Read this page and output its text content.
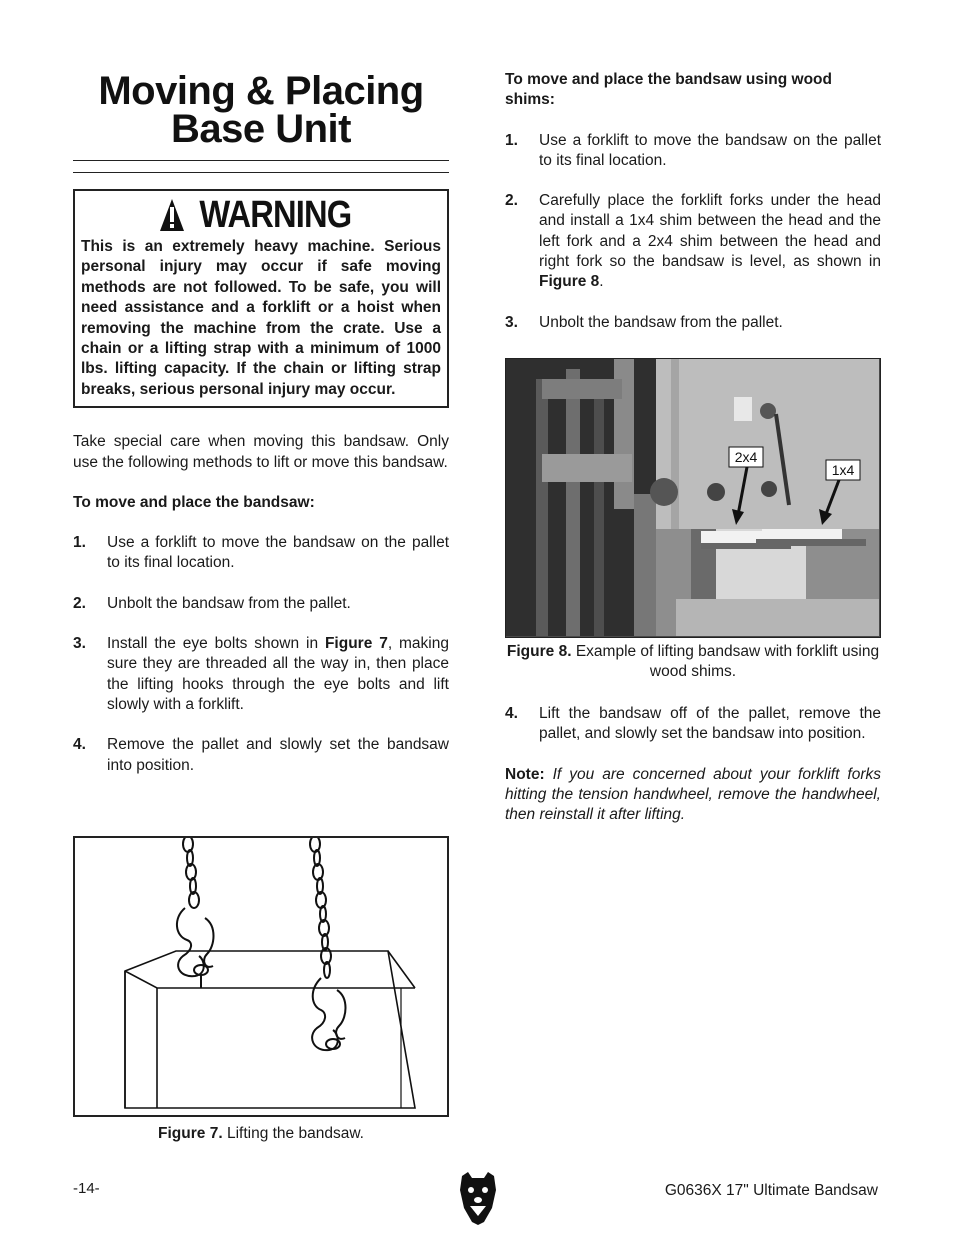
Moving & Placing
Base Unit
WARNING
This is an extremely heavy machine. Serious personal injury may occur if safe moving methods are not followed. To be safe, you will need assistance and a forklift or a hoist when removing the machine from the crate. Use a chain or a lifting strap with a minimum of 1000 lbs. lifting capacity. If the chain or lifting strap breaks, serious personal injury may occur.

Take special care when moving this bandsaw. Only use the following methods to lift or move this bandsaw.

To move and place the bandsaw:

1.	Use a forklift to move the bandsaw on the pallet to its final location.
2.	Unbolt the bandsaw from the pallet.
3.	Install the eye bolts shown in Figure 7, making sure they are threaded all the way in, then place the lifting hooks through the eye bolts and lift slowly with a forklift.
4.	Remove the pallet and slowly set the bandsaw into position.
Figure 7. Lifting the bandsaw.

To move and place the bandsaw using wood shims:

1.	Use a forklift to move the bandsaw on the pallet to its final location.
2.	Carefully place the forklift forks under the head and install a 1x4 shim between the head and the left fork and a 2x4 shim between the head and right fork so the bandsaw is level, as shown in Figure 8.
3.	Unbolt the bandsaw from the pallet.
2x4
1x4
Figure 8. Example of lifting bandsaw with forklift using wood shims.
4.	Lift the bandsaw off of the pallet, remove the pallet, and slowly set the bandsaw into position.
Note: If you are concerned about your forklift forks hitting the tension handwheel, remove the handwheel, then reinstall it after lifting.
-14-	G0636X 17" Ultimate Bandsaw
